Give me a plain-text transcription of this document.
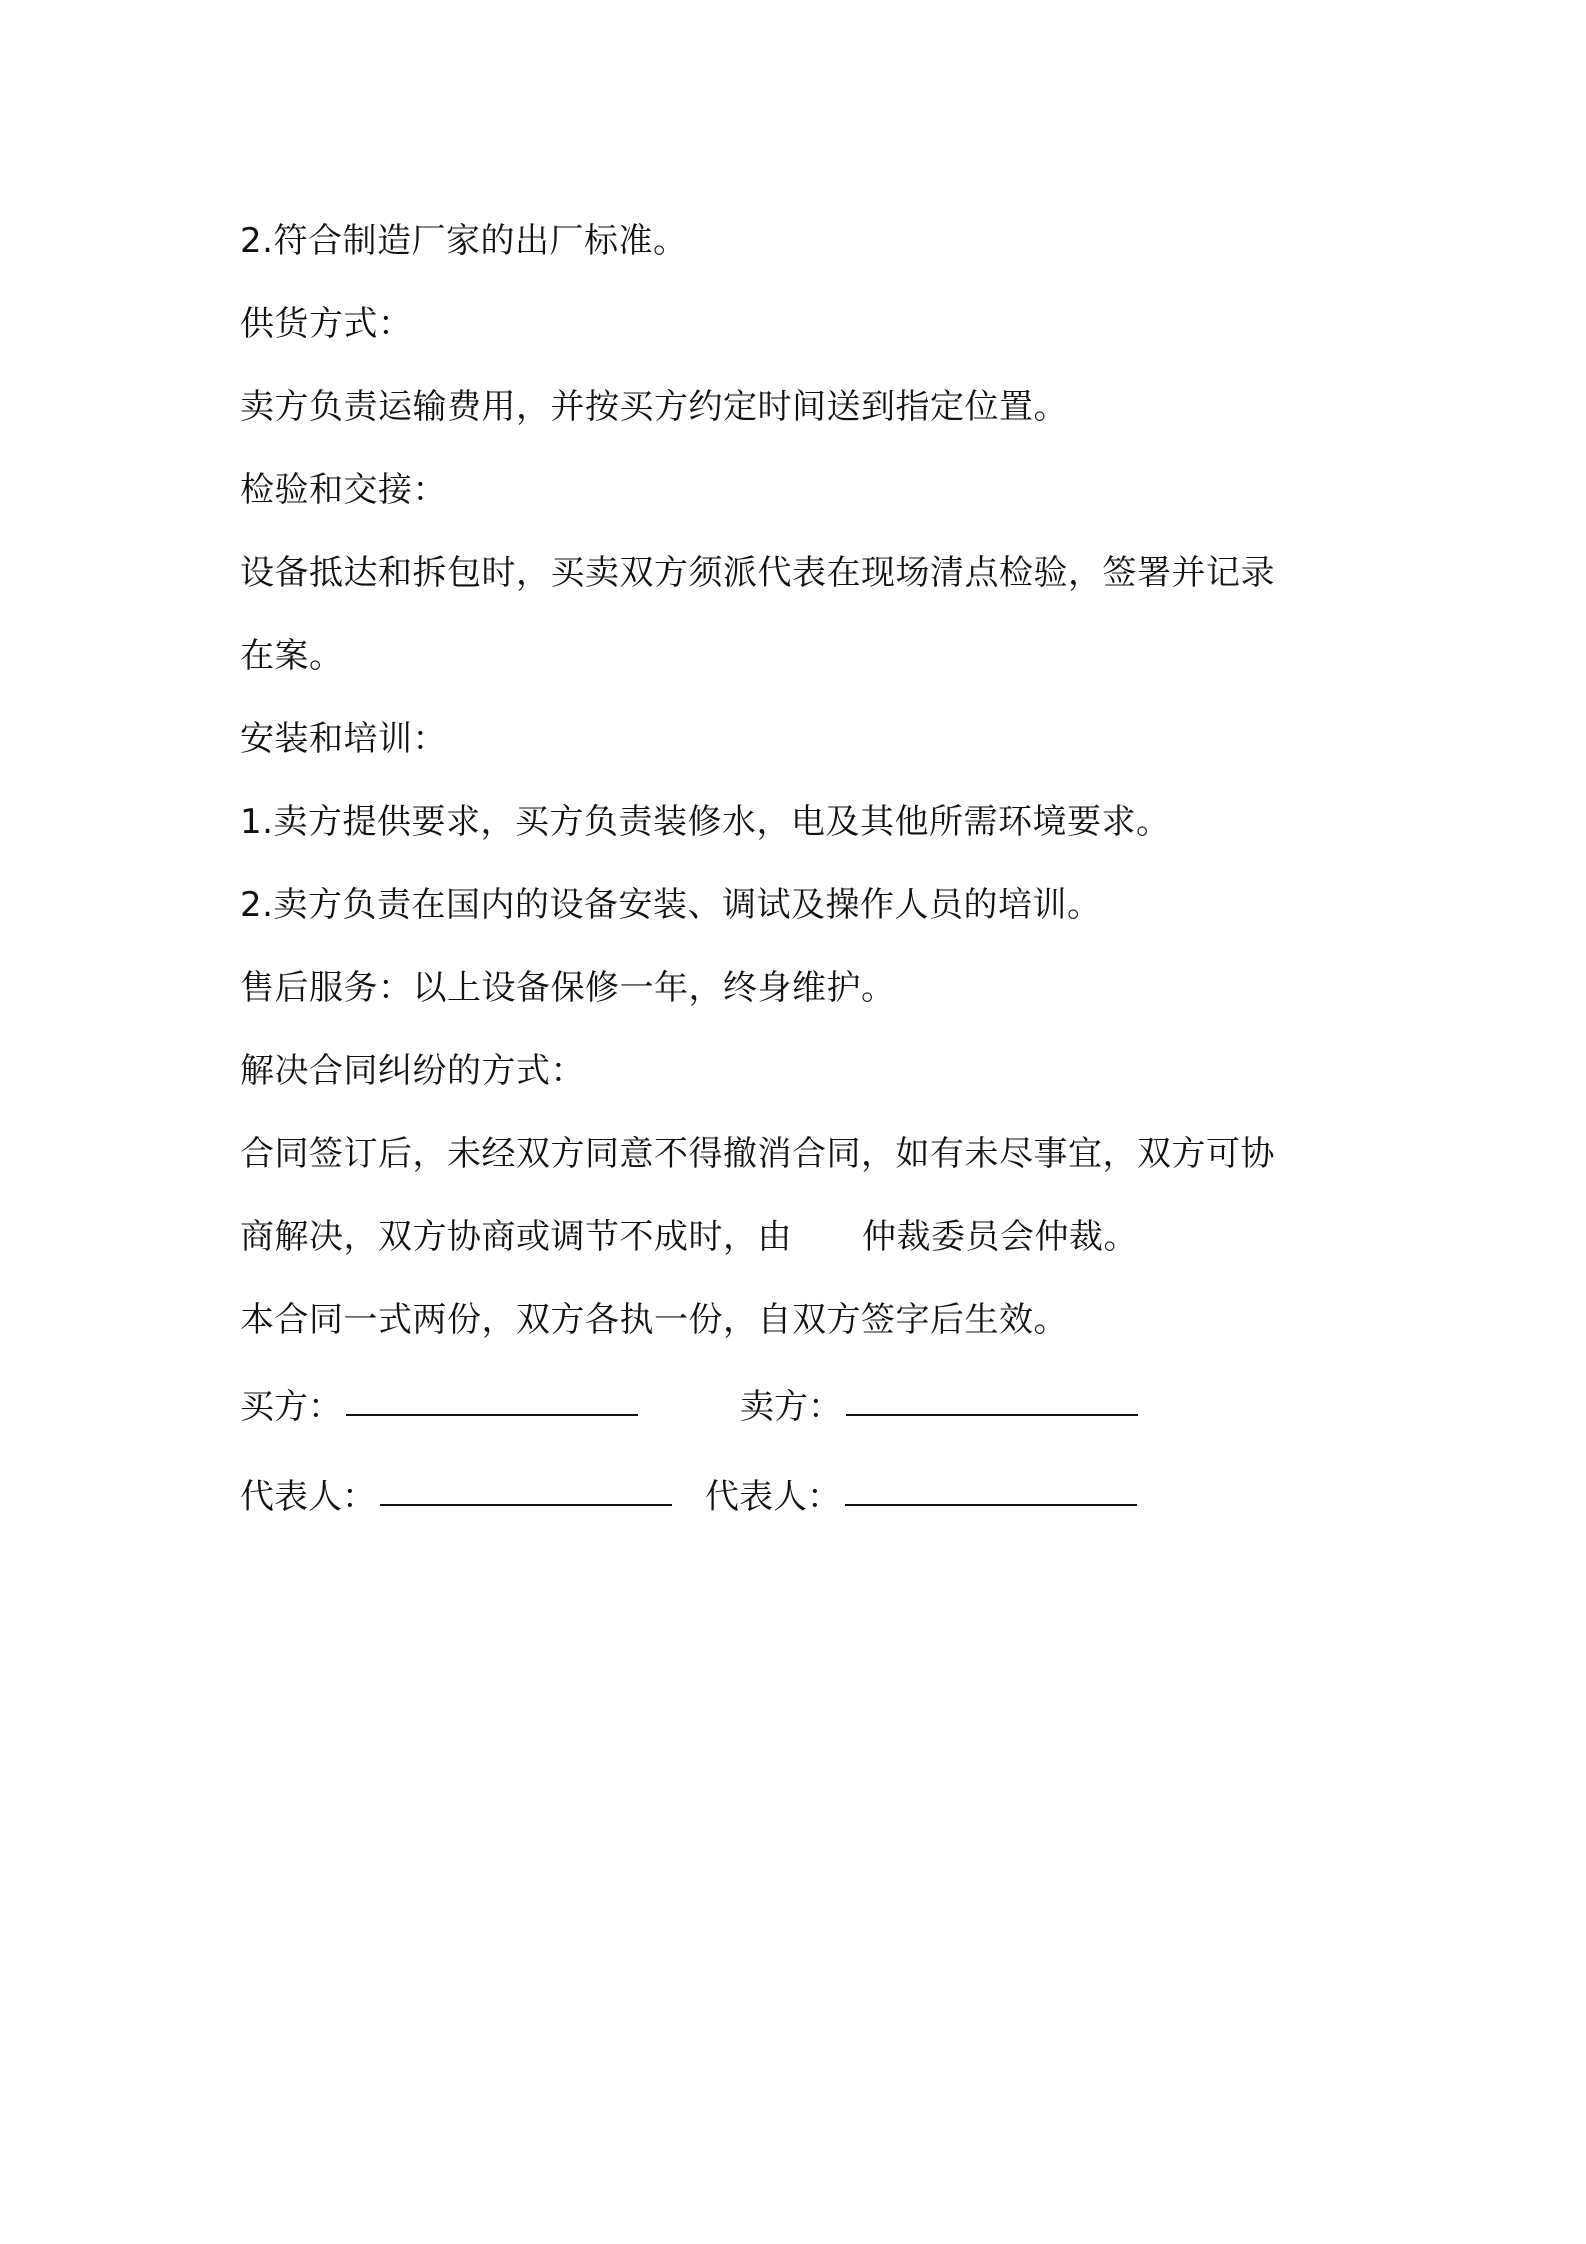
2.符合制造厂家的出厂标准。
供货方式：
卖方负责运输费用，并按买方约定时间送到指定位置。
检验和交接：
设备抵达和拆包时，买卖双方须派代表在现场清点检验，签署并记录
在案。
安装和培训：
1.卖方提供要求，买方负责装修水，电及其他所需环境要求。
2.卖方负责在国内的设备安装、调试及操作人员的培训。
售后服务：以上设备保修一年，终身维护。
解决合同纠纷的方式：
合同签订后，未经双方同意不得撤消合同，如有未尽事宜，双方可协
商解决，双方协商或调节不成时，由 仲裁委员会仲裁。
本合同一式两份，双方各执一份，自双方签字后生效。
买方：	卖方：
代表人：	代表人：
